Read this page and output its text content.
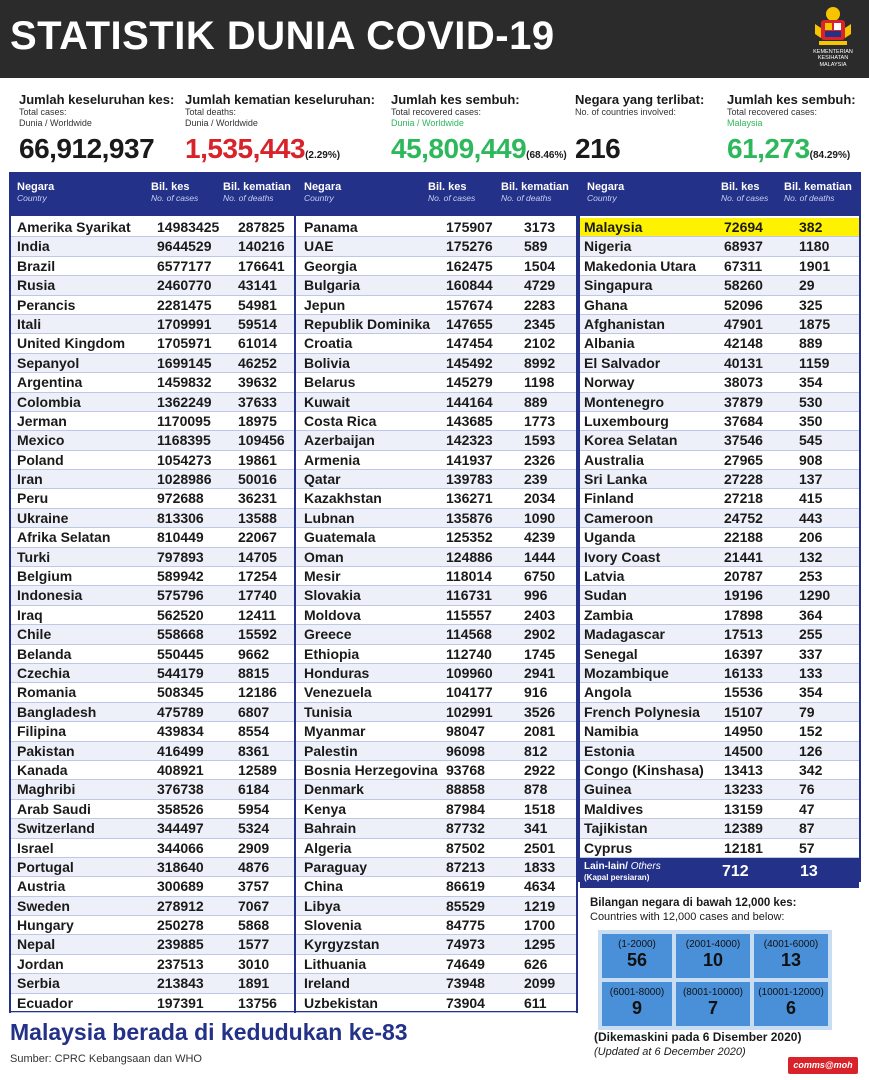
STATISTIK DUNIA COVID-19	KEMENTERIAN KESIHATAN
MALAYSIA
Jumlah keseluruhan kes:
Total cases:
Dunia / Worldwide
66,912,937
Jumlah kematian keseluruhan:
Total deaths:
Dunia / Worldwide
1,535,443(2.29%)
Jumlah kes sembuh:
Total recovered cases:
Dunia / Worldwide
45,809,449(68.46%)
Negara yang terlibat:
No. of countries involved:
216
Jumlah kes sembuh:
Total recovered cases:
Malaysia
61,273(84.29%)
Negara
Country
Bil. kes
No. of cases
Bil. kematian
No. of deaths
Amerika Syarikat 14983425 287825
India	9644529 140216
Brazil	6577177 176641
Rusia	2460770 43141
Perancis	2281475 54981
Itali	1709991 59514
United Kingdom 1705971 61014
Sepanyol	1699145 46252
Argentina	1459832 39632
Colombia	1362249 37633
Jerman	1170095 18975
Mexico	1168395 109456
Poland	1054273 19861
Iran	1028986 50016
Peru	972688 36231
Ukraine	813306 13588
Afrika Selatan	810449 22067
Turki	797893 14705
Belgium	589942 17254
Indonesia	575796 17740
Iraq	562520 12411
Chile	558668 15592
Belanda	550445 9662
Czechia	544179 8815
Romania	508345 12186
Bangladesh	475789 6807
Filipina	439834 8554
Pakistan	416499 8361
Kanada	408921 12589
Maghribi	376738 6184
Arab Saudi	358526 5954
Switzerland	344497 5324
Israel	344066 2909
Portugal	318640 4876
Austria	300689 3757
Sweden	278912 7067
Hungary	250278 5868
Nepal	239885 1577
Jordan	237513 3010
Serbia	213843 1891
Ecuador	197391 13756
Negara
Country
Bil. kes
No. of cases
Bil. kematian
No. of deaths
Panama	175907 3173
UAE	175276 589
Georgia	162475 1504
Bulgaria	160844 4729
Jepun	157674 2283
Republik Dominika 147655 2345
Croatia	147454 2102
Bolivia	145492 8992
Belarus	145279 1198
Kuwait	144164 889
Costa Rica	143685 1773
Azerbaijan	142323 1593
Armenia	141937 2326
Qatar	139783 239
Kazakhstan	136271 2034
Lubnan	135876 1090
Guatemala	125352 4239
Oman	124886 1444
Mesir	118014 6750
Slovakia	116731 996
Moldova	115557 2403
Greece	114568 2902
Ethiopia	112740 1745
Honduras	109960 2941
Venezuela	104177 916
Tunisia	102991 3526
Myanmar	98047	2081
Palestin	96098	812
Bosnia Herzegovina 93768	2922
Denmark	88858	878
Kenya	87984	1518
Bahrain	87732	341
Algeria	87502	2501
Paraguay	87213	1833
China	86619	4634
Libya	85529	1219
Slovenia	84775	1700
Kyrgyzstan	74973	1295
Lithuania	74649	626
Ireland	73948	2099
Uzbekistan	73904	611
Negara
Country
Bil. kes
No. of cases
Bil. kematian
No. of deaths
Malaysia	72694	382
Nigeria	68937	1180
Makedonia Utara 67311	1901
Singapura	58260	29
Ghana	52096	325
Afghanistan	47901	1875
Albania	42148	889
El Salvador	40131	1159
Norway	38073	354
Montenegro	37879	530
Luxembourg	37684	350
Korea Selatan	37546	545
Australia	27965	908
Sri Lanka	27228	137
Finland	27218	415
Cameroon	24752	443
Uganda	22188	206
Ivory Coast	21441	132
Latvia	20787	253
Sudan	19196	1290
Zambia	17898	364
Madagascar	17513	255
Senegal	16397	337
Mozambique	16133	133
Angola	15536	354
French Polynesia 15107	79
Namibia	14950	152
Estonia	14500	126
Congo (Kinshasa) 13413	342
Guinea	13233	76
Maldives	13159	47
Tajikistan	12389	87
Cyprus	12181	57
Lain-lain/ Others
(Kapal persiaran)	712	13
Bilangan negara di bawah 12,000 kes:
Countries with 12,000 cases and below:
(1-2000)
56
(2001-4000)
10
(4001-6000)
13
(6001-8000)
9
(8001-10000)
7
(10001-12000)
6
(Dikemaskini pada 6 Disember 2020)
(Updated at 6 December 2020)
Malaysia berada di kedudukan ke-83
Sumber: CPRC Kebangsaan dan WHO	comms@moh
